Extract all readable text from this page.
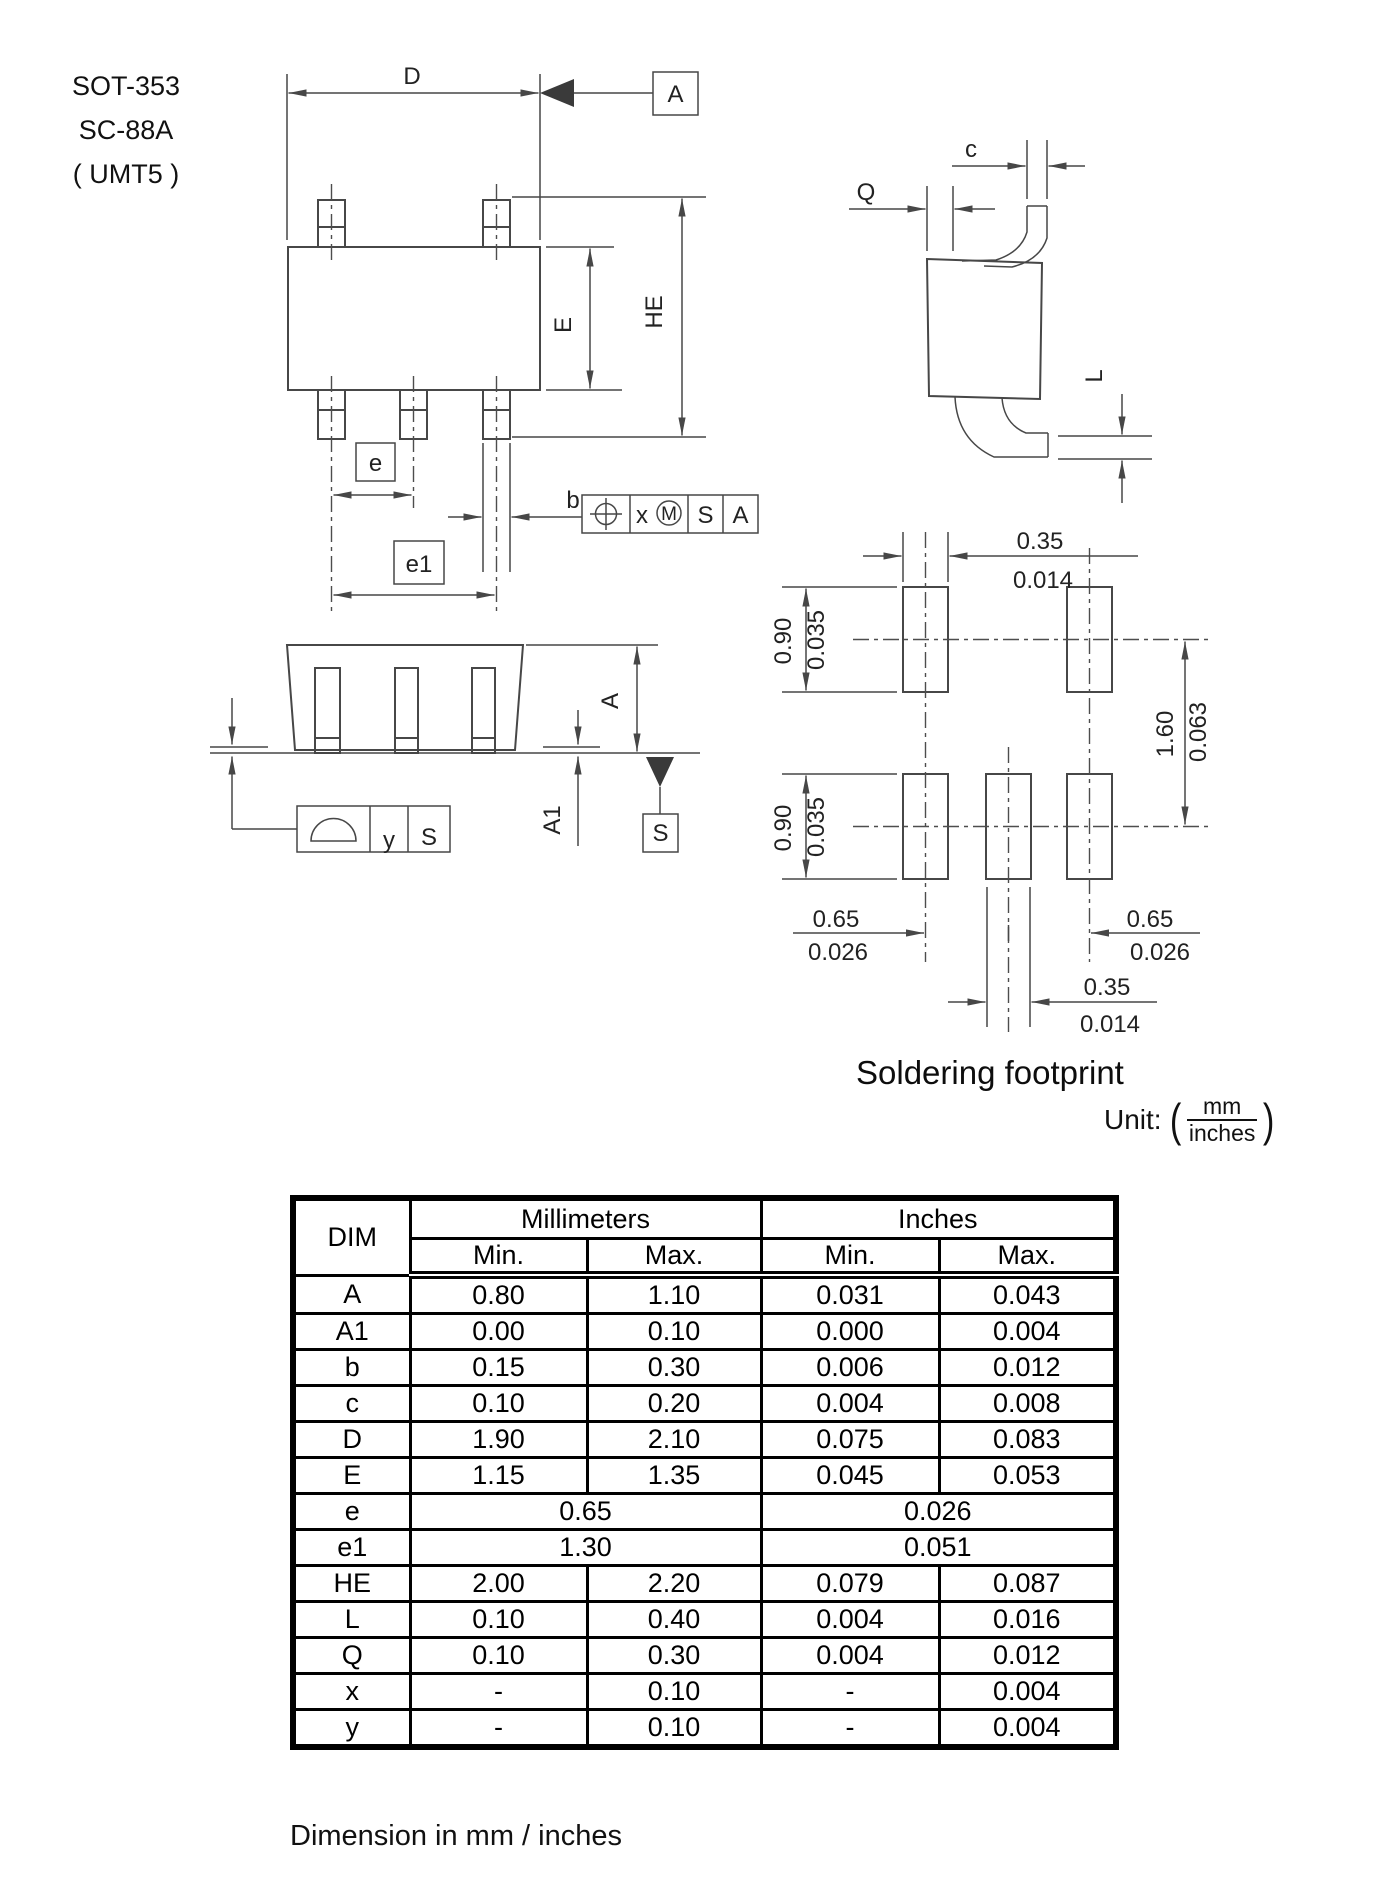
SOT-353
SC-88A
( UMT5 )
D
A
E	HE
e
e1
b
x M S A
y S
A1
A
S
c
Q
L
0.35
0.014
0.90 0.035
0.90 0.035
1.60 0.063
0.65
0.026
0.65
0.026
0.35
0.014
Soldering footprint
Unit: ( $\frac{mm}{\text{inches}}$ )
DIM	Millimeters		Inches	
	Min.	Max.	Min.	Max.
A	0.80	1.10	0.031	0.043
A1	0.00	0.10	0.000	0.004
b	0.15	0.30	0.006	0.012
c	0.10	0.20	0.004	0.008
D	1.90	2.10	0.075	0.083
E	1.15	1.35	0.045	0.053
e	0.65		0.026	
e1	1.30		0.051	
HE	2.00	2.20	0.079	0.087
L	0.10	0.40	0.004	0.016
Q	0.10	0.30	0.004	0.012
x	-	0.10	-	0.004
y	-	0.10	-	0.004
Dimension in mm / inches
